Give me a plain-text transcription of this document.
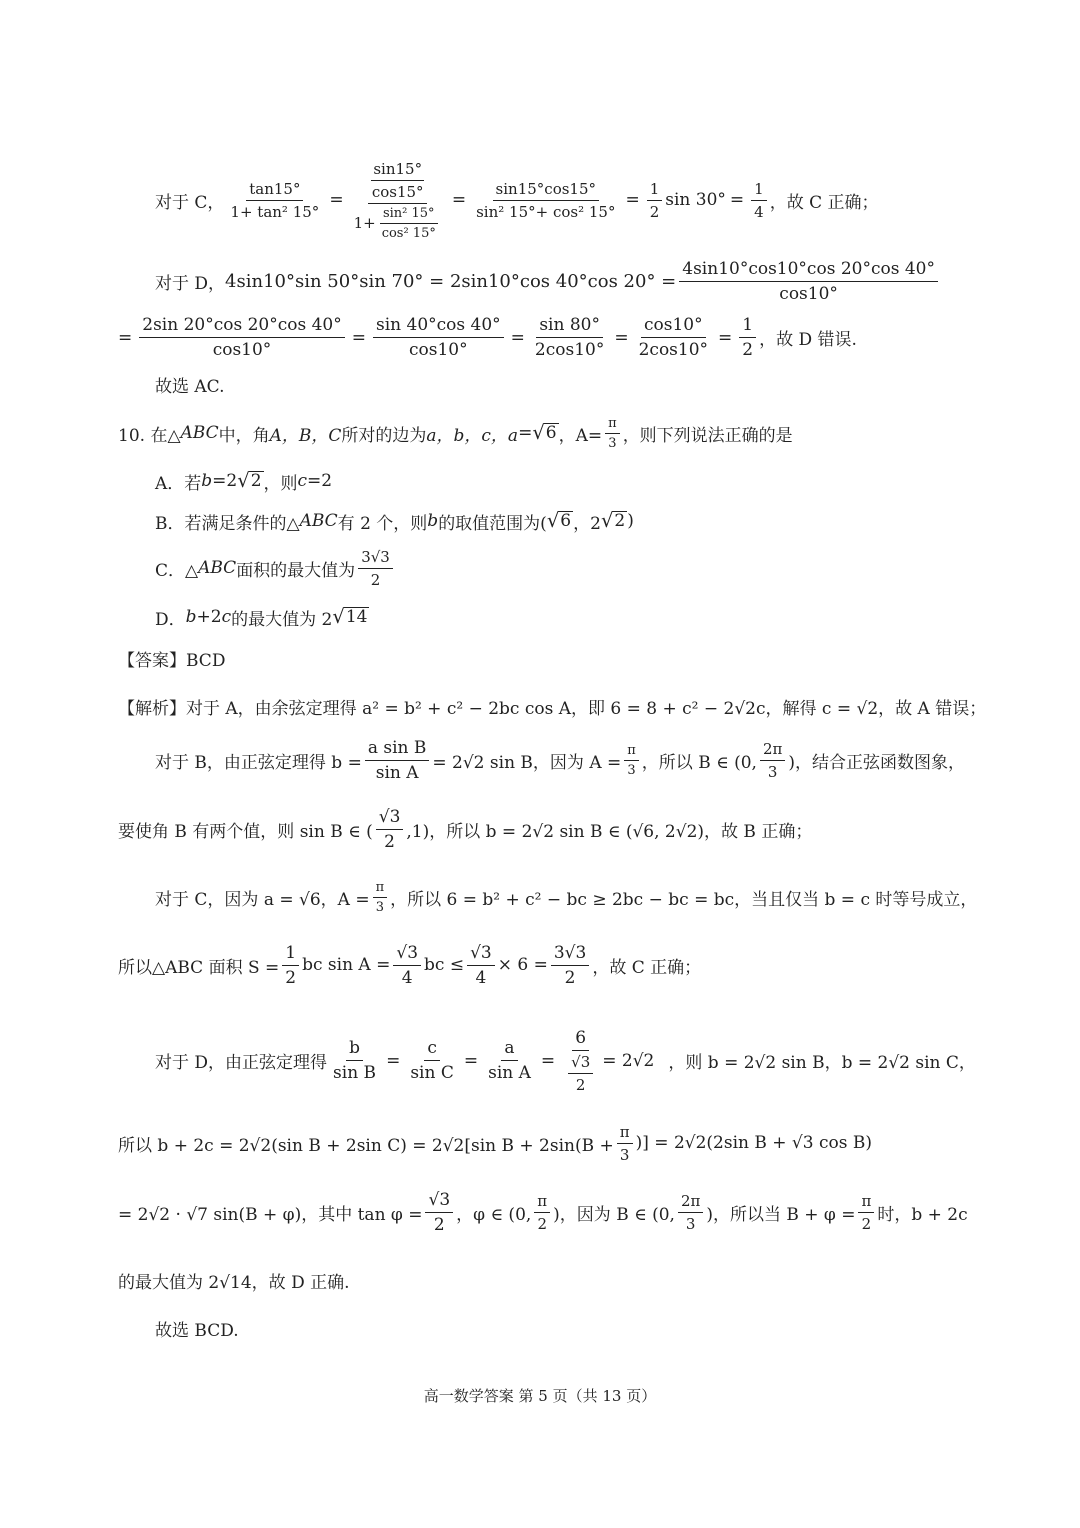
对于 C， $\frac{\tan 15^\circ}{\text{1+ tan² 15°}} = \sin 15^\circ$
cos15°
$1+ \frac{\text{sin² 15°}}{\text{cos² 15°}} = \frac{\sin 15^\circ\cos 15^\circ}{\text{sin² 15°+ cos² 15°}} = \frac{1}{2}$ $\sin 30^\circ = \frac{1}{4}$ ，故 C 正确；
对于 D， 4sin10°sin 50°sin 70° = 2sin10°cos 40°cos $20^\circ = \frac{4\sin 10^\circ\cos 10^\circ\cos 20^\circ\cos 40^\circ}{\cos 10^\circ}$
= $\frac{2\sin 20^\circ\cos 20^\circ\cos 40^\circ}{\cos 10^\circ} = \frac{\sin 40^\circ\cos 40^\circ}{\cos 10^\circ} = \frac{\sin 80^\circ}{2\cos 10^\circ} = \frac{\cos 10^\circ}{2\cos 10^\circ} = \frac{1}{2}$ ，故 D 错误.
故选 AC.
10. 在△ ABC 中，角 A，B，C 所对的边为 a，b，c，a = √ 6 ，$A= \frac{\pi}{3}$ ，则下列说法正确的是
A．若 b =2 √ 2 ，则 c =2
B．若满足条件的△ ABC 有 2 个，则 b 的取值范围为( √ 6 ，2 √ 2 )
C．△ ABC 面积的最大值为 $\frac{3√3}{2}$
D． b +2 c 的最大值为 2 √ 14
【答案】BCD
【解析】对于 A，由余弦定理得 a² = b² + c² − 2bc cos A，即 6 = 8 + c² − 2√2c，解得 c = √2，故 A 错误；
对于 B，由正弦定理得 $b = \frac{\text{a sin B}}{\text{sin A}} = 2√2$ sin B，因为 $A = \frac{\pi}{3}$ ，所以 B ∈ (0, $\frac{2\pi}{3}$ )，结合正弦函数图象，
要使角 B 有两个值，则 sin B ∈ ( $\frac{√3}{2} ,1$)，所以 b = 2√2 sin B ∈ (√6, 2√2)，故 B 正确；
对于 C，因为 a = √6，$A = \frac{\pi}{3}$ ，所以 6 = b² + c² − bc ≥ 2bc − bc = bc，当且仅当 b = c 时等号成立，
所以△ABC 面积 $S = \frac{1}{2}$ bc $\sin A = \frac{√3}{4}$ bc ≤ $\frac{√3}{4} \times 6 = \frac{3√3}{2}$ ，故 C 正确；
对于 D，由正弦定理得 $\frac{b}{\text{sin B}} = \frac{c}{\text{sin C}} = \frac{a}{\text{sin A}} = \frac{6}{\frac{√3}{2}} = 2√2$ ，则 b = 2√2 sin B，b = 2√2 sin C，
所以 b + 2c = 2√2(sin B + 2sin C) = 2√2[sin $B + 2\sin(B + \frac{\pi}{3}$ )] = 2√2(2sin B + √3 cos B)
= 2√2 · √7 sin(B + φ)，其中 $\tan \varphi = \frac{√3}{2}$ ，φ ∈ (0, $\frac{\pi}{2}$ )，因为 B ∈ (0, $\frac{2\pi}{3}$ )，所以当 $B + \varphi = \frac{\pi}{2}$ 时，b + 2c
的最大值为 2√14，故 D 正确.
故选 BCD.
高一数学答案 第 5 页（共 13 页）
